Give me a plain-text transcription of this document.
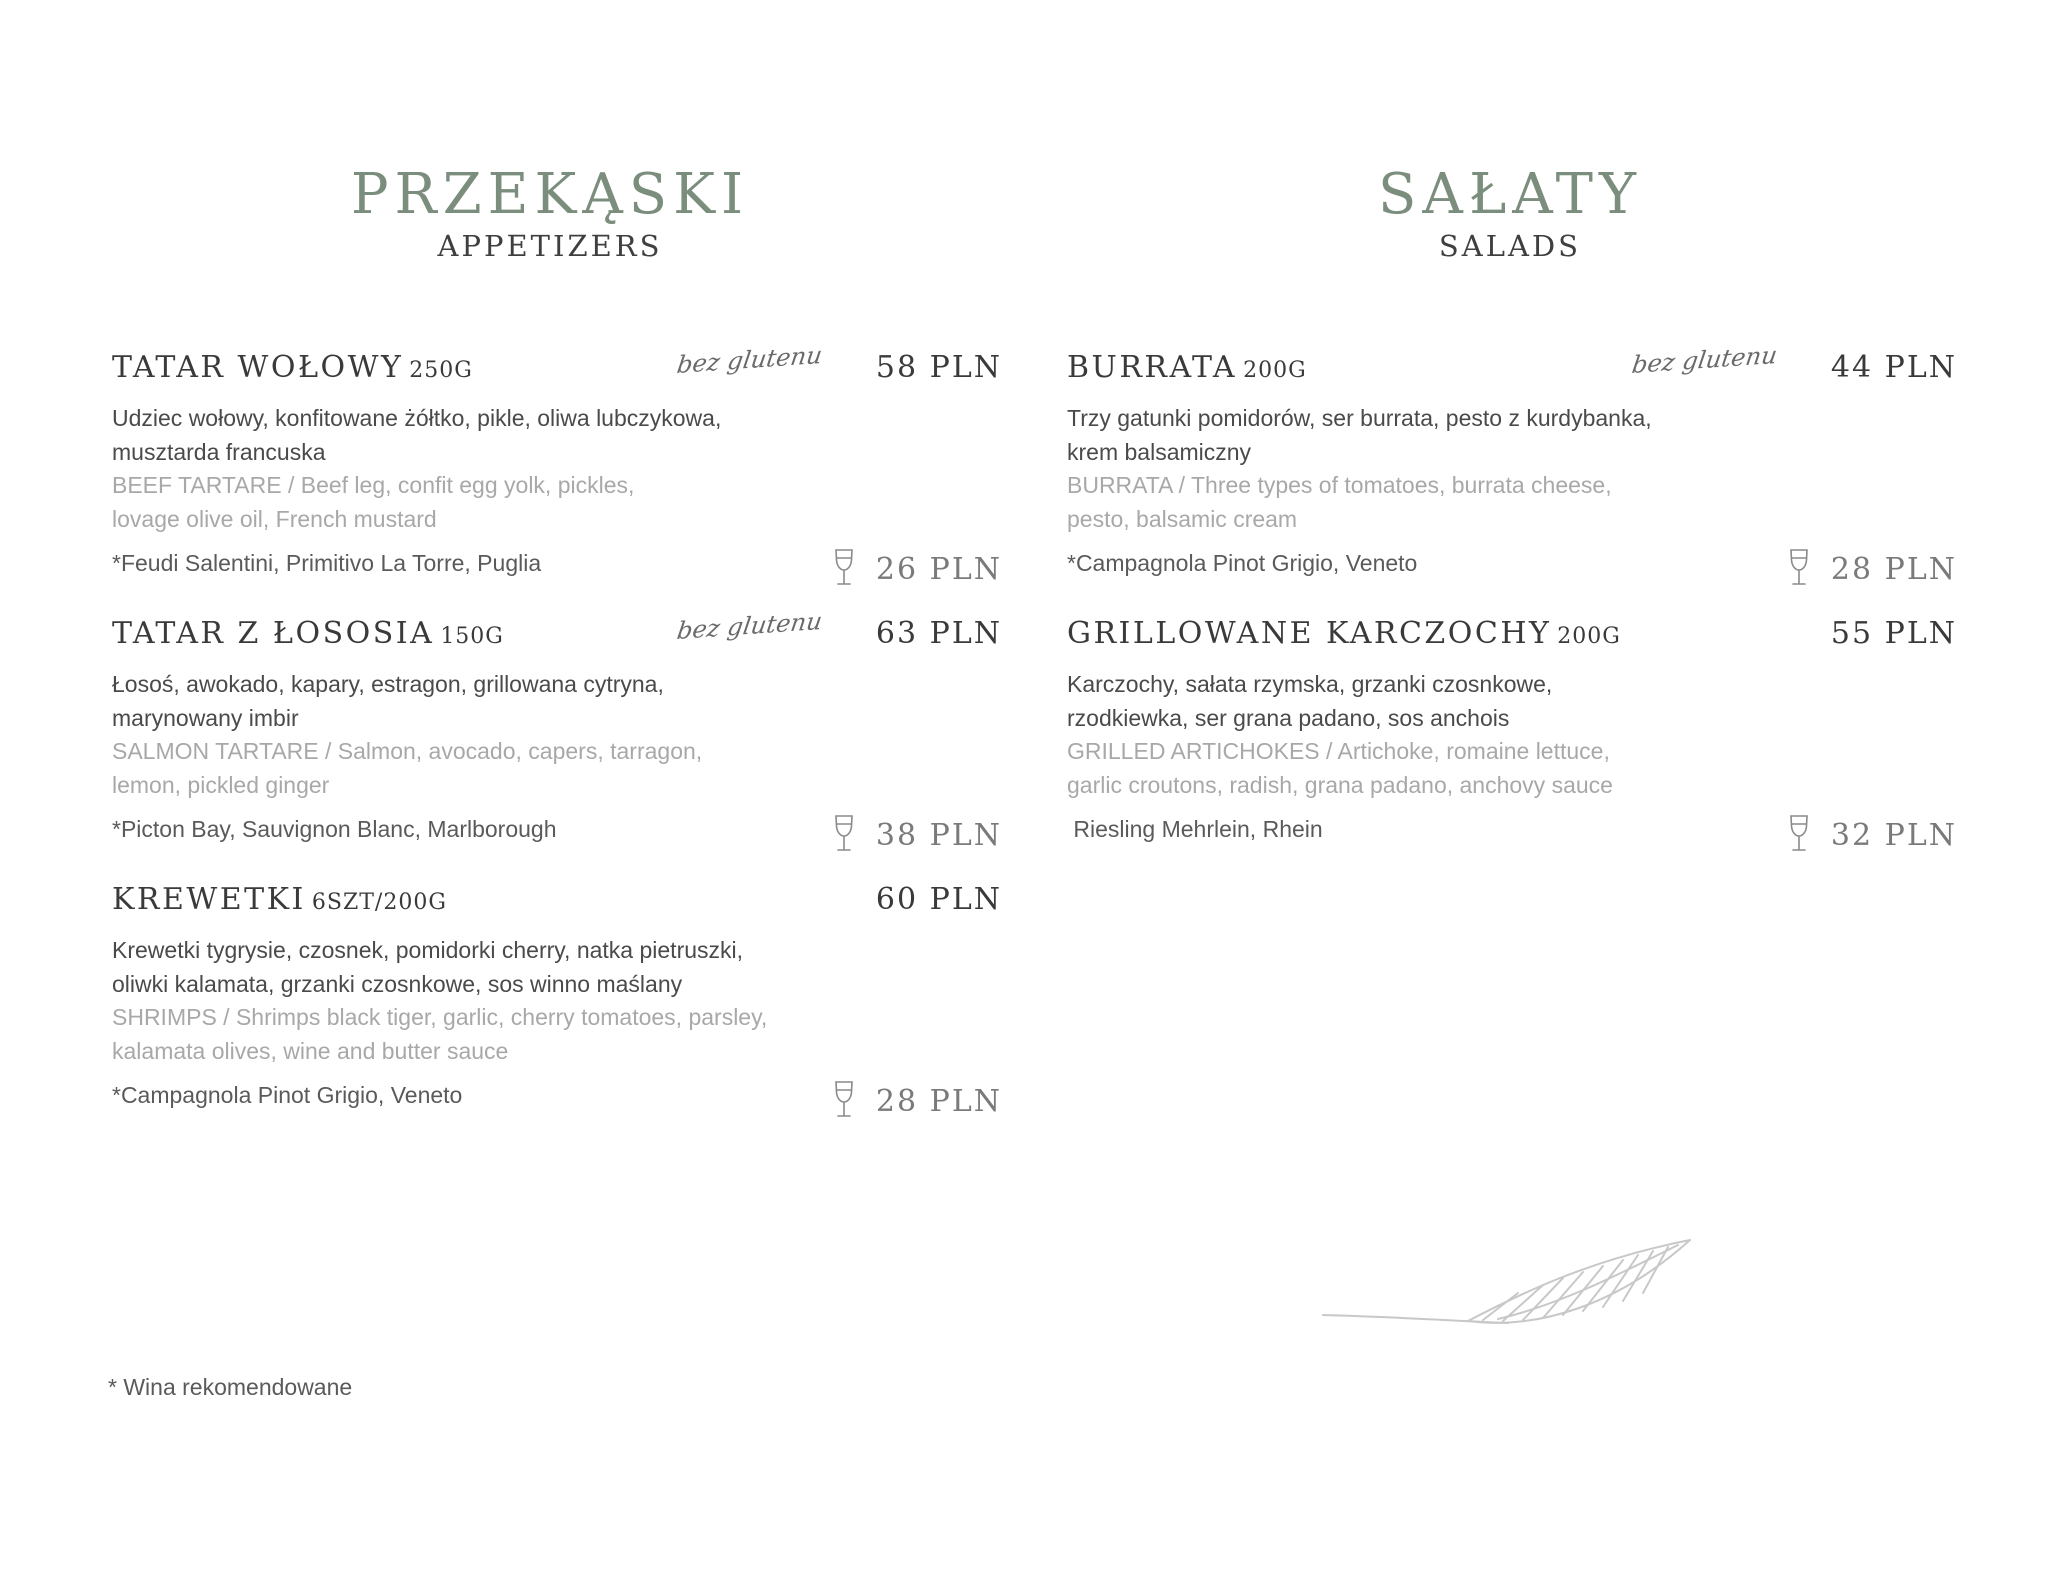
PRZEKĄSKI
APPETIZERS
SAŁATY
SALADS
TATAR WOŁOWY 250G	bez glutenu 58 PLN
Udziec wołowy, konfitowane żółtko, pikle, oliwa lubczykowa,
musztarda francuska
BEEF TARTARE / Beef leg, confit egg yolk, pickles,
lovage olive oil, French mustard
*Feudi Salentini, Primitivo La Torre, Puglia	26 PLN
TATAR Z ŁOSOSIA 150G	bez glutenu 63 PLN
Łosoś, awokado, kapary, estragon, grillowana cytryna,
marynowany imbir
SALMON TARTARE / Salmon, avocado, capers, tarragon,
lemon, pickled ginger
*Picton Bay, Sauvignon Blanc, Marlborough	38 PLN
KREWETKI 6SZT/200G	60 PLN
Krewetki tygrysie, czosnek, pomidorki cherry, natka pietruszki,
oliwki kalamata, grzanki czosnkowe, sos winno maślany
SHRIMPS / Shrimps black tiger, garlic, cherry tomatoes, parsley,
kalamata olives, wine and butter sauce
*Campagnola Pinot Grigio, Veneto	28 PLN
BURRATA 200G	bez glutenu 44 PLN
Trzy gatunki pomidorów, ser burrata, pesto z kurdybanka,
krem balsamiczny
BURRATA / Three types of tomatoes, burrata cheese,
pesto, balsamic cream
*Campagnola Pinot Grigio, Veneto	28 PLN
GRILLOWANE KARCZOCHY 200G	55 PLN
Karczochy, sałata rzymska, grzanki czosnkowe,
rzodkiewka, ser grana padano, sos anchois
GRILLED ARTICHOKES / Artichoke, romaine lettuce,
garlic croutons, radish, grana padano, anchovy sauce
Riesling Mehrlein, Rhein	32 PLN
* Wina rekomendowane
